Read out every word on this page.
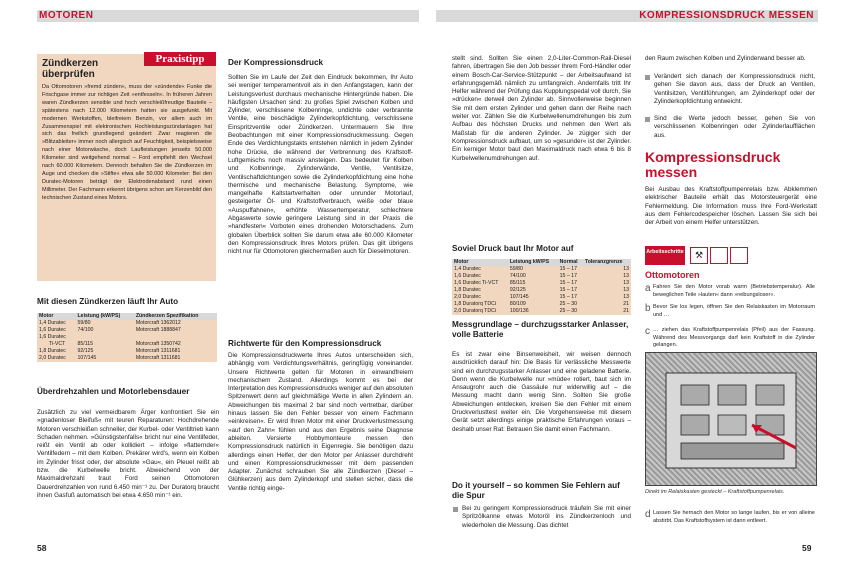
MOTOREN
Praxistipp
Zündkerzen überprüfen
Da Ottomotoren »fremd zünden«, muss der »zündende« Funke die Frischgase immer zur richtigen Zeit »entfesseln«. In früheren Jahren waren Zündkerzen sensible und hoch verschleißfreudige Bauteile – spätestens nach 12.000 Kilometern hatten sie ausgefunkt. Mit modernen Werkstoffen, bleifreiem Benzin, vor allem auch im Zusammenspiel mit elektronischen Hochleistungszündanlagen hat sich das freilich grundlegend geändert: Zwar reagieren die »Blitzableiter« immer noch allergisch auf Feuchtigkeit, beispielsweise nach einer Motorwäsche, doch Laufleistungen jenseits 50.000 Kilometer sind weitgehend normal – Ford empfiehlt den Wechsel nach 60.000 Kilometern. Dennoch behalten Sie die Zündkerzen im Auge und checken die »Stifte« etwa alle 50.000 Kilometer: Bei den Duratec-Motoren beträgt der Elektrodenabstand rund einen Millimeter. Der Fachmann erkennt übrigens schon am Kerzenbild den technischen Zustand eines Motors.
Mit diesen Zündkerzen läuft Ihr Auto
Motor	Leistung (kW/PS)	Zündkerzen Spezifikation
1,4 Duratec	59/80	Motorcraft 1362012
1,6 Duratec	74/100	Motorcraft 1888847
1,6 Duratec		
Ti-VCT	85/115	Motorcraft 1350742
1,8 Duratec	92/125	Motorcraft 1311681
2,0 Duratec	107/145	Motorcraft 1311681
Überdrehzahlen und Motorlebensdauer
Zusätzlich zu viel vermeidbarem Ärger konfrontiert Sie ein »gnadenloser Bleifuß« mit teuren Reparaturen: Hochdrehende Motoren verschleißen schneller, der Kurbel- oder Ventiltrieb kann Schaden nehmen. »Günstigstenfalls« bricht nur eine Ventilfeder, reißt ein Ventil ab oder kollidiert – infolge »flatternder« Ventilfedern – mit dem Kolben. Prekärer wird's, wenn ein Kolben im Zylinder frisst oder, der absolute »Gau«, ein Pleuel reißt ab bzw. die Kurbelwelle bricht. Abweichend von der Maximaldrehzahl traut Ford seinen Ottomotoren Dauerdrehzahlen von rund 6.450 min⁻¹ zu. Der Duratorq braucht ihnen Gasfuß automatisch bei etwa 4.650 min⁻¹ ein.
Der Kompressionsdruck
Sollten Sie im Laufe der Zeit den Eindruck bekommen, Ihr Auto sei weniger temperamentvoll als in den Anfangstagen, kann der Leistungsverlust durchaus mechanische Hintergründe haben. Die häufigsten Ursachen sind: zu großes Spiel zwischen Kolben und Zylinder, verschlissene Kolbenringe, undichte oder verbrannte Ventile, eine beschädigte Zylinderkopfdichtung, verschlissene Einspritzventile oder Zündkerzen. Untermauern Sie Ihre Beobachtungen mit einer Kompressionsdruckmessung. Gegen Ende des Verdichtungstakts entstehen nämlich in jedem Zylinder hohe Drücke, die während der Verbrennung des Kraftstoff-Luftgemischs noch massiv ansteigen. Das bedeutet für Kolben und Kolbenringe, Zylinderwände, Ventile, Ventilsitze, Ventilschaftdichtungen sowie die Zylinderkopfdichtung eine hohe thermische und mechanische Belastung. Symptome, wie mangelhafte Kaltstartverhalten oder unrunder Motorlauf, gesteigerter Öl- und Kraftstoffverbrauch, weiße oder blaue »Auspuffahnen«, erhöhte Wassertemperatur, schlechtere Abgaswerte sowie geringere Leistung sind in der Praxis die »handfesten« Vorboten eines drohenden Motorschadens. Zum globalen Überblick sollten Sie darum etwa alle 60.000 Kilometer den Kompressionsdruck Ihres Motors prüfen. Das gilt übrigens nicht nur für Ottomotoren gleichermaßen auch für Dieselmotoren.
Richtwerte für den Kompressionsdruck
Die Kompressionsdruckwerte Ihres Autos unterscheiden sich, abhängig vom Verdichtungsverhältnis, geringfügig voneinander. Unsere Richtwerte gelten für Motoren in einwandfreiem mechanischem Zustand. Allerdings kommt es bei der Interpretation des Kompressionsdrucks weniger auf den absoluten Spitzenwert denn auf gleichmäßige Werte in allen Zylindern an. Abweichungen bis maximal 2 bar sind noch vertretbar, darüber hinaus lassen Sie den Fehler besser von einem Fachmann »einkreisen«. Er wird Ihren Motor mit einer Druckverlustmessung »auf den Zahn« fühlen und aus den Ergebnis seine Diagnose ableiten. Versierte Hobbymonteure messen den Kompressionsdruck natürlich in Eigenregie. Sie benötigen dazu allerdings einen Helfer, der den Motor per Anlasser durchdreht und einen Kompressionsdruckmesser mit dem passenden Adapter. Zunächst schrauben Sie alle Zündkerzen (Diesel – Glühkerzen) aus dem Zylinderkopf und stellen sicher, dass die Ventile richtig einge-
58
KOMPRESSIONSDRUCK MESSEN
stellt sind. Sollten Sie einen 2,0-Liter-Common-Rail-Diesel fahren, übertragen Sie den Job besser Ihrem Ford-Händler oder einem Bosch-Car-Service-Stützpunkt – der Arbeitsaufwand ist erfahrungsgemäß nämlich zu umfangreich. Andernfalls tritt Ihr Helfer während der Prüfung das Kupplungspedal voll durch, Sie »drücken« derweil den Zylinder ab. Sinnvollerweise beginnen Sie mit dem ersten Zylinder und gehen dann der Reihe nach weiter vor. Zählen Sie die Kurbelwellenumdrehungen bis zum Aufbau des höchsten Drucks und nehmen den Wert als Maßstab für die anderen Zylinder. Je zügiger sich der Kompressionsdruck aufbaut, um so »gesunder« ist der Zylinder. Ein kerniger Motor baut den Maximaldruck nach etwa 6 bis 8 Kurbelwellenumdrehungen auf.
Soviel Druck baut Ihr Motor auf
Motor	Leistung kW/PS	Normal	Toleranzgrenze
1,4 Duratec	59/80	15 – 17	13
1,6 Duratec	74/100	15 – 17	13
1,6 Duratec Ti-VCT	85/115	15 – 17	13
1,8 Duratec	92/125	15 – 17	13
2,0 Duratec	107/145	15 – 17	13
1,8 Duratorq TDCi	80/109	25 – 30	21
2,0 Duratorq TDCi	100/136	25 – 30	21
Messgrundlage – durchzugsstarker Anlasser, volle Batterie
Es ist zwar eine Binsenweisheit, wir weisen dennoch ausdrücklich darauf hin: Die Basis für verlässliche Messwerte sind ein durchzugsstarker Anlasser und eine geladene Batterie. Denn wenn die Kurbelwelle nur »müde« rotiert, baut sich im Ansaugrohr auch die Gassäule nur widerwillig auf – die Messung macht dann wenig Sinn. Sollten Sie große Abweichungen entdecken, kreisen Sie den Fehler mit einem Druckverlusttest weiter ein. Die Vorgehensweise mit diesem Gerät setzt allerdings einige praktische Erfahrungen voraus – deshalb unser Rat: Betrauen Sie damit einen Fachmann.
Do it yourself – so kommen Sie Fehlern auf die Spur
Bei zu geringem Kompressionsdruck träufeln Sie mit einer Spritzölkanne etwas Motoröl ins Zündkerzenloch und wiederholen die Messung. Das dichtet
den Raum zwischen Kolben und Zylinderwand besser ab.
Verändert sich danach der Kompressionsdruck nicht, gehen Sie davon aus, dass der Druck an Ventilen, Ventilsitzen, Ventilführungen, am Zylinderkopf oder der Zylinderkopfdichtung entweicht.
Sind die Werte jedoch besser, gehen Sie von verschlissenen Kolbenringen oder Zylinderlaufflächen aus.
Kompressionsdruck
messen
Bei Ausbau des Kraftstoffpumpenrelais bzw. Abklemmen elektrischer Bauteile erhält das Motorsteuergerät eine Fehlermeldung. Die Information muss Ihre Ford-Werkstatt aus dem Fehlercodespeicher löschen. Lassen Sie sich bei der Arbeit von einem Helfer unterstützen.
Arbeitsschritte	⚒
Ottomotoren
a Fahren Sie den Motor vorab warm (Betriebstemperatur). Alle beweglichen Teile »lauten« dann »reibungsloser«.
b Bevor Sie los legen, öffnen Sie den Relaiskasten im Motorraum und …
c … ziehen das Kraftstoffpumpenrelais (Pfeil) aus der Fassung. Während des Messvorgangs darf kein Kraftstoff in die Zylinder gelangen.
Direkt im Relaiskasten gesteckt – Kraftstoffpumpenrelais.
d Lassen Sie hernach den Motor so lange laufen, bis er von alleine abstirbt. Das Kraftstoffsystem ist dann entleert.
59
